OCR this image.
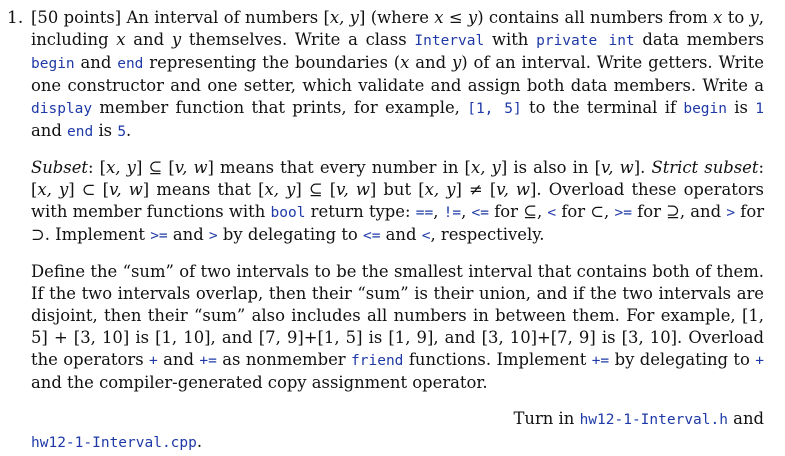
1. [50 points] An interval of numbers [x, y] (where x ≤ y) contains all numbers from x to y, including x and y themselves. Write a class Interval with private int data members begin and end representing the boundaries (x and y) of an interval. Write getters. Write one constructor and one setter, which validate and assign both data members. Write a display member function that prints, for example, [1, 5] to the terminal if begin is 1 and end is 5.

Subset: [x, y] ⊆ [v, w] means that every number in [x, y] is also in [v, w]. Strict subset: [x, y] ⊂ [v, w] means that [x, y] ⊆ [v, w] but [x, y] ≠ [v, w]. Overload these operators with member functions with bool return type: ==, !=, <= for ⊆, < for ⊂, >= for ⊇, and > for ⊃. Implement >= and > by delegating to <= and <, respectively.

Define the “sum” of two intervals to be the smallest interval that contains both of them. If the two intervals overlap, then their “sum” is their union, and if the two intervals are disjoint, then their “sum” also includes all numbers in between them. For example, [1, 5] + [3, 10] is [1, 10], and [7, 9]+[1, 5] is [1, 9], and [3, 10]+[7, 9] is [3, 10]. Overload the operators + and += as nonmember friend functions. Implement += by delegating to + and the compiler-generated copy assignment operator.

Turn in hw12-1-Interval.h and

hw12-1-Interval.cpp.
